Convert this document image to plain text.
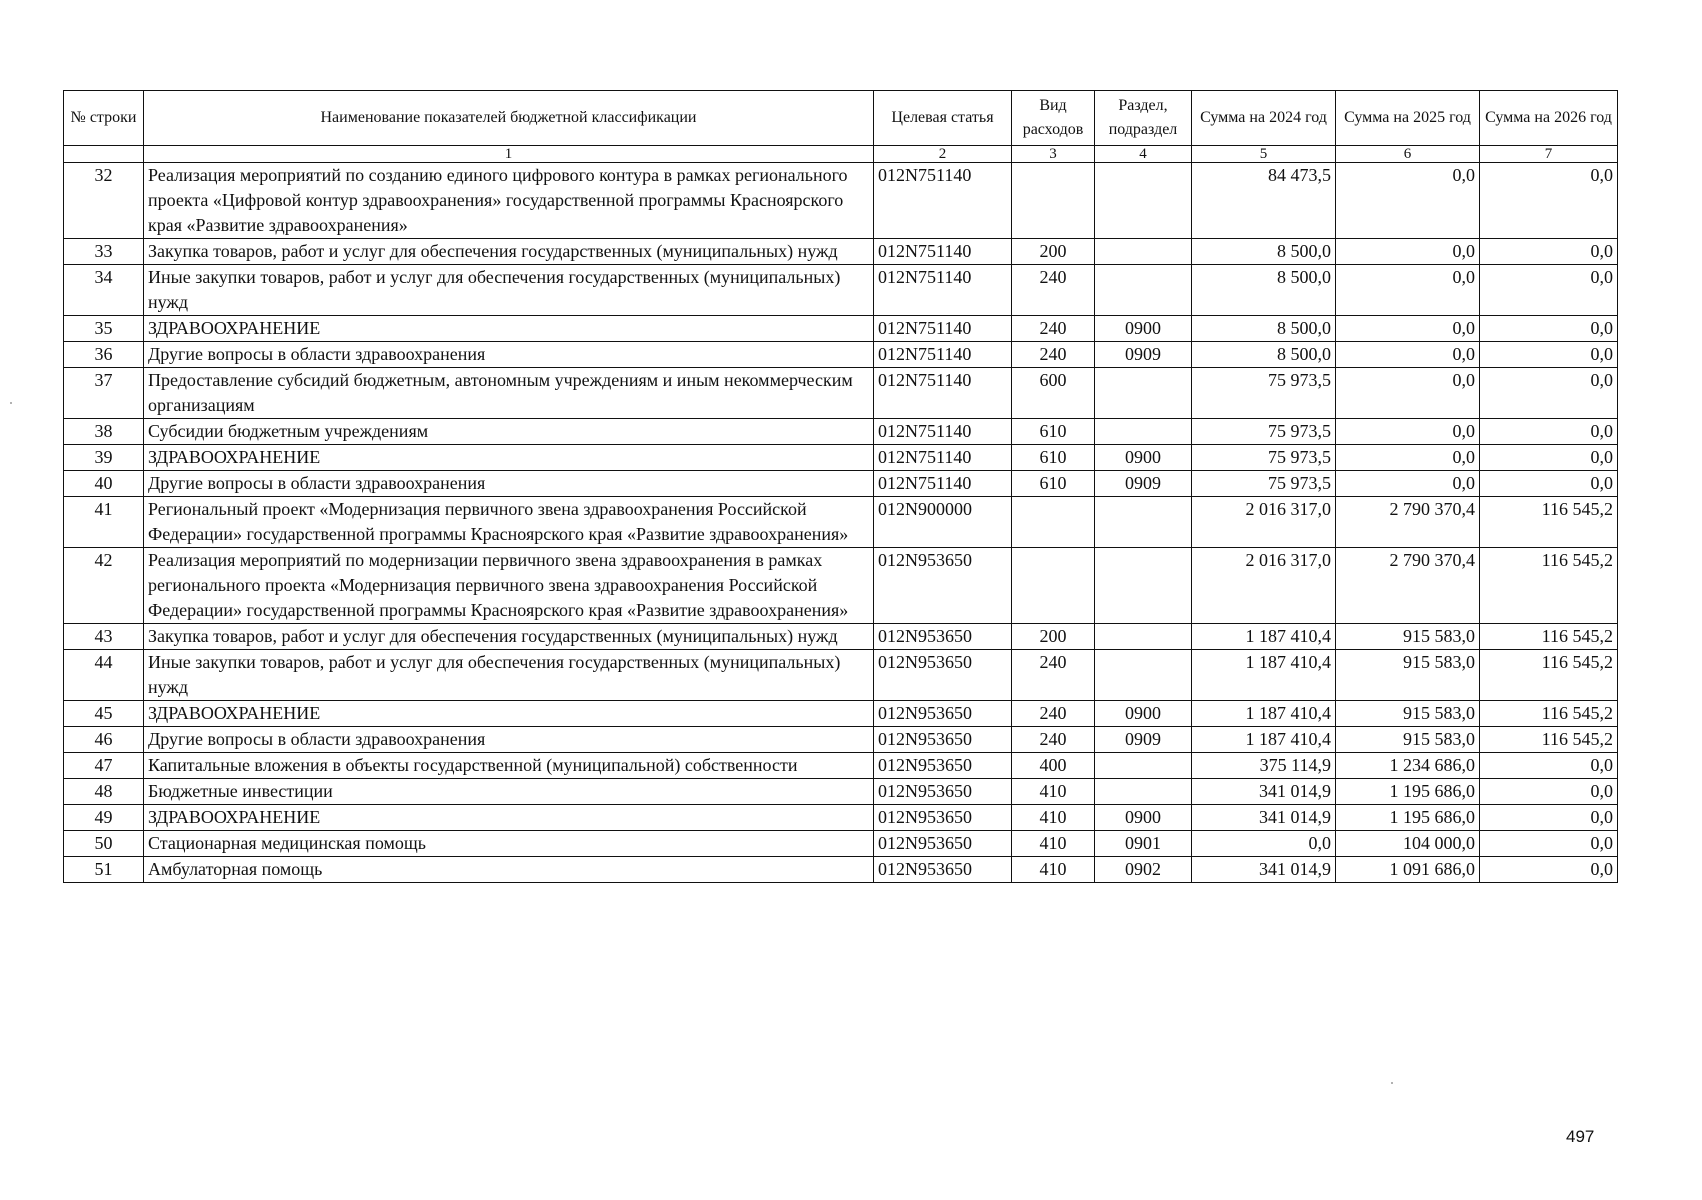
№ строки	Наименование показателей бюджетной классификации	Целевая статья	Вид расходов	Раздел, подраздел	Сумма на 2024 год	Сумма на 2025 год	Сумма на 2026 год
	1	2	3	4	5	6	7
32	Реализация мероприятий по созданию единого цифрового контура в рамках регионального проекта «Цифровой контур здравоохранения» государственной программы Красноярского края «Развитие здравоохранения»	012N751140			84 473,5	0,0	0,0
33	Закупка товаров, работ и услуг для обеспечения государственных (муниципальных) нужд	012N751140	200		8 500,0	0,0	0,0
34	Иные закупки товаров, работ и услуг для обеспечения государственных (муниципальных) нужд	012N751140	240		8 500,0	0,0	0,0
35	ЗДРАВООХРАНЕНИЕ	012N751140	240	0900	8 500,0	0,0	0,0
36	Другие вопросы в области здравоохранения	012N751140	240	0909	8 500,0	0,0	0,0
37	Предоставление субсидий бюджетным, автономным учреждениям и иным некоммерческим организациям	012N751140	600		75 973,5	0,0	0,0
38	Субсидии бюджетным учреждениям	012N751140	610		75 973,5	0,0	0,0
39	ЗДРАВООХРАНЕНИЕ	012N751140	610	0900	75 973,5	0,0	0,0
40	Другие вопросы в области здравоохранения	012N751140	610	0909	75 973,5	0,0	0,0
41	Региональный проект «Модернизация первичного звена здравоохранения Российской Федерации» государственной программы Красноярского края «Развитие здравоохранения»	012N900000			2 016 317,0	2 790 370,4	116 545,2
42	Реализация мероприятий по модернизации первичного звена здравоохранения в рамках регионального проекта «Модернизация первичного звена здравоохранения Российской Федерации» государственной программы Красноярского края «Развитие здравоохранения»	012N953650			2 016 317,0	2 790 370,4	116 545,2
43	Закупка товаров, работ и услуг для обеспечения государственных (муниципальных) нужд	012N953650	200		1 187 410,4	915 583,0	116 545,2
44	Иные закупки товаров, работ и услуг для обеспечения государственных (муниципальных) нужд	012N953650	240		1 187 410,4	915 583,0	116 545,2
45	ЗДРАВООХРАНЕНИЕ	012N953650	240	0900	1 187 410,4	915 583,0	116 545,2
46	Другие вопросы в области здравоохранения	012N953650	240	0909	1 187 410,4	915 583,0	116 545,2
47	Капитальные вложения в объекты государственной (муниципальной) собственности	012N953650	400		375 114,9	1 234 686,0	0,0
48	Бюджетные инвестиции	012N953650	410		341 014,9	1 195 686,0	0,0
49	ЗДРАВООХРАНЕНИЕ	012N953650	410	0900	341 014,9	1 195 686,0	0,0
50	Стационарная медицинская помощь	012N953650	410	0901	0,0	104 000,0	0,0
51	Амбулаторная помощь	012N953650	410	0902	341 014,9	1 091 686,0	0,0
497
